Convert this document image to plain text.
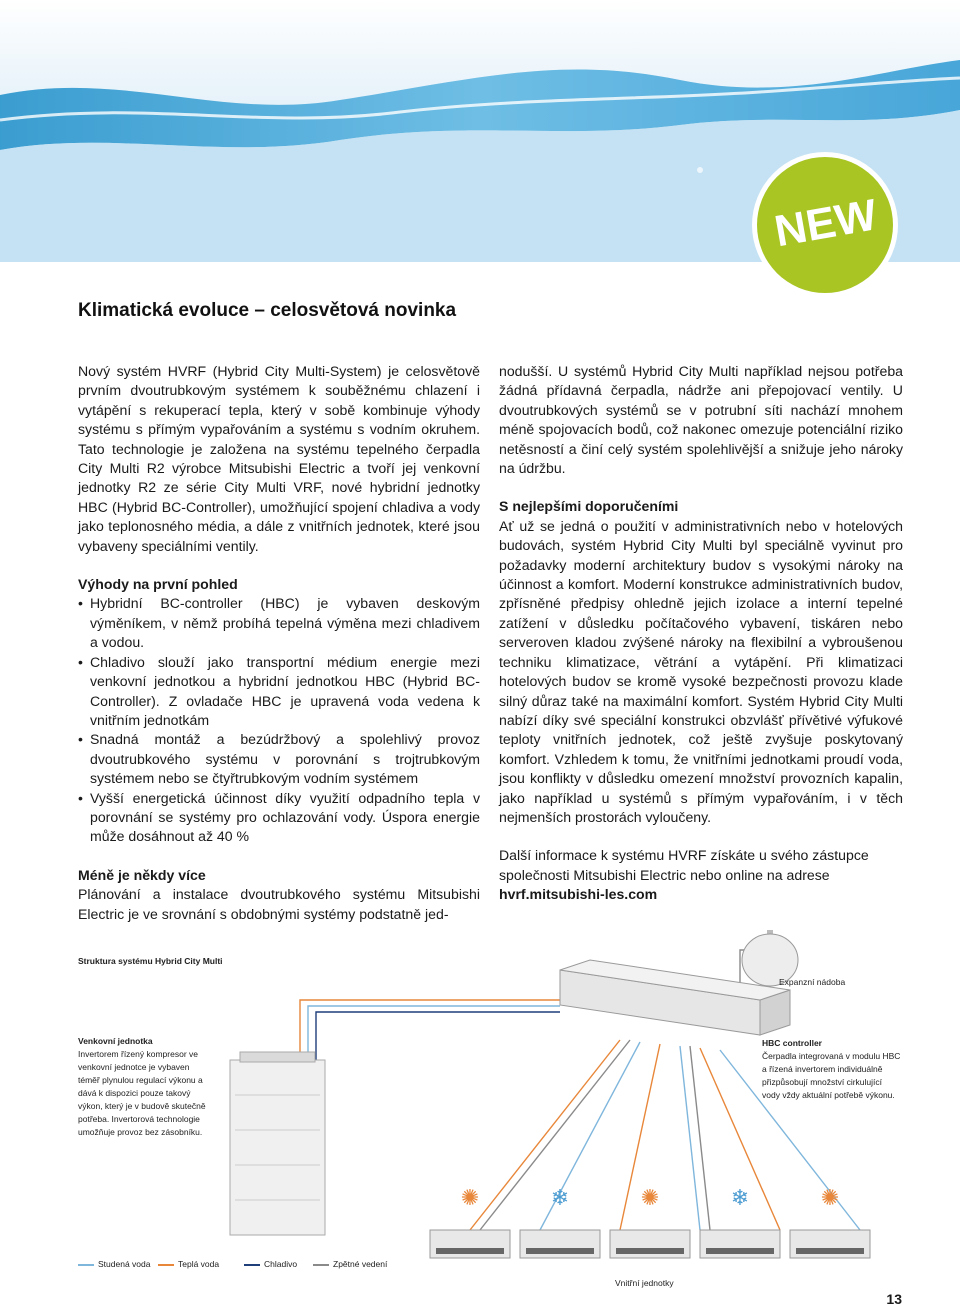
NEW
Klimatická evoluce – celosvětová novinka

Nový systém HVRF (Hybrid City Multi-System) je celosvětově prvním dvoutrubkovým systémem k souběžnému chlazení i vytápění s rekuperací tepla, který v sobě kombinuje výhody systému s přímým vypařováním a systému s vodním okruhem. Tato technologie je založena na systému tepelného čerpadla City Multi R2 výrobce Mitsubishi Electric a tvoří jej venkovní jednotky R2 ze série City Multi VRF, nové hybridní jednotky HBC (Hybrid BC-Controller), umožňující spojení chladiva a vody jako teplonosného média, a dále z vnitřních jednotek, které jsou vybaveny speciálními ventily.

Výhody na první pohled
• Hybridní BC-controller (HBC) je vybaven deskovým výměníkem, v němž probíhá tepelná výměna mezi chladivem a vodou.
• Chladivo slouží jako transportní médium energie mezi venkovní jednotkou a hybridní jednotkou HBC (Hybrid BC-Controller). Z ovladače HBC je upravená voda vedena k vnitřním jednotkám
• Snadná montáž a bezúdržbový a spolehlivý provoz dvoutrubkového systému v porovnání s trojtrubkovým systémem nebo se čtyřtrubkovým vodním systémem
• Vyšší energetická účinnost díky využití odpadního tepla v porovnání se systémy pro ochlazování vody. Úspora energie může dosáhnout až 40 %
Méně je někdy více

Plánování a instalace dvoutrubkového systému Mitsubishi Electric je ve srovnání s obdobnými systémy podstatně jed-

nodušší. U systémů Hybrid City Multi například nejsou potřeba žádná přídavná čerpadla, nádrže ani přepojovací ventily. U dvoutrubkových systémů se v potrubní síti nachází mnohem méně spojovacích bodů, což nakonec omezuje potenciální riziko netěsností a činí celý systém spolehlivější a snižuje jeho nároky na údržbu.

S nejlepšími doporučeními

Ať už se jedná o použití v administrativních nebo v hotelových budovách, systém Hybrid City Multi byl speciálně vyvinut pro požadavky moderní architektury budov s vysokými nároky na účinnost a komfort. Moderní konstrukce administrativních budov, zpřísněné předpisy ohledně jejich izolace a interní tepelné zatížení v důsledku počítačového vybavení, tiskáren nebo serveroven kladou zvýšené nároky na flexibilní a vybroušenou techniku klimatizace, větrání a vytápění. Při klimatizaci hotelových budov se kromě vysoké bezpečnosti provozu klade silný důraz také na maximální komfort. Systém Hybrid City Multi nabízí díky své speciální konstrukci obzvlášť přívětivé výfukové teploty vnitřních jednotek, což ještě zvyšuje poskytovaný komfort. Vzhledem k tomu, že vnitřními jednotkami proudí voda, jsou konflikty v důsledku omezení množství provozních kapalin, jako například u systémů s přímým vypařováním, i v těch nejmenších prostorách vyloučeny.

Další informace k systému HVRF získáte u svého zástupce společnosti Mitsubishi Electric nebo online na adrese
hvrf.mitsubishi-les.com

✺	❄	✺	❄	✺
Struktura systému Hybrid City Multi
Expanzní nádoba
Venkovní jednotka
Invertorem řízený kompresor ve venkovní jednotce je vybaven téměř plynulou regulací výkonu a dává k dispozici pouze takový výkon, který je v budově skutečně potřeba. Invertorová technologie umožňuje provoz bez zásobníku.
HBC controller
Čerpadla integrovaná v modulu HBC a řízená invertorem individuálně přizpůsobují množství cirkulující vody vždy aktuální potřebě výkonu.
Vnitřní jednotky
Studená voda	Teplá voda	Chladivo	Zpětné vedení
13
